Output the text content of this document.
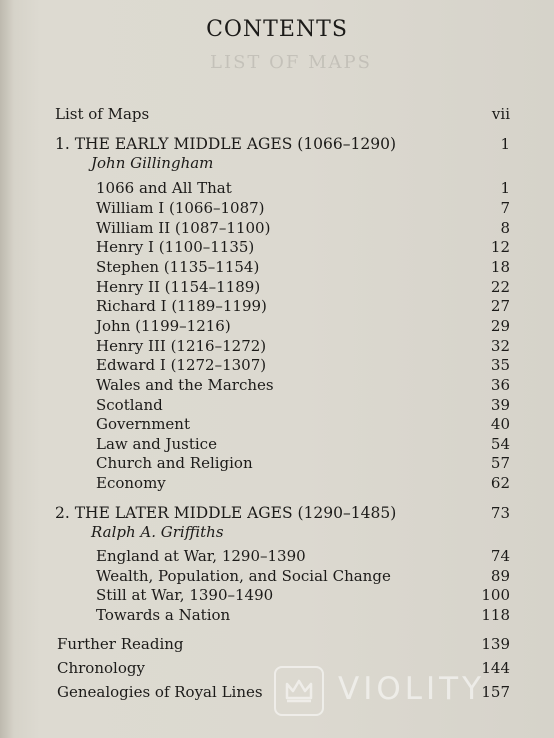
LIST OF MAPS
CONTENTS
List of Maps	vii
1. THE EARLY MIDDLE AGES (1066–1290)	1
John Gillingham
1066 and All That	1
William I (1066–1087)	7
William II (1087–1100)	8
Henry I (1100–1135)	12
Stephen (1135–1154)	18
Henry II (1154–1189)	22
Richard I (1189–1199)	27
John (1199–1216)	29
Henry III (1216–1272)	32
Edward I (1272–1307)	35
Wales and the Marches	36
Scotland	39
Government	40
Law and Justice	54
Church and Religion	57
Economy	62
2. THE LATER MIDDLE AGES (1290–1485)	73
Ralph A. Griffiths
England at War, 1290–1390	74
Wealth, Population, and Social Change	89
Still at War, 1390–1490	100
Towards a Nation	118
Further Reading	139
Chronology	144
Genealogies of Royal Lines	157
VIOLITY
